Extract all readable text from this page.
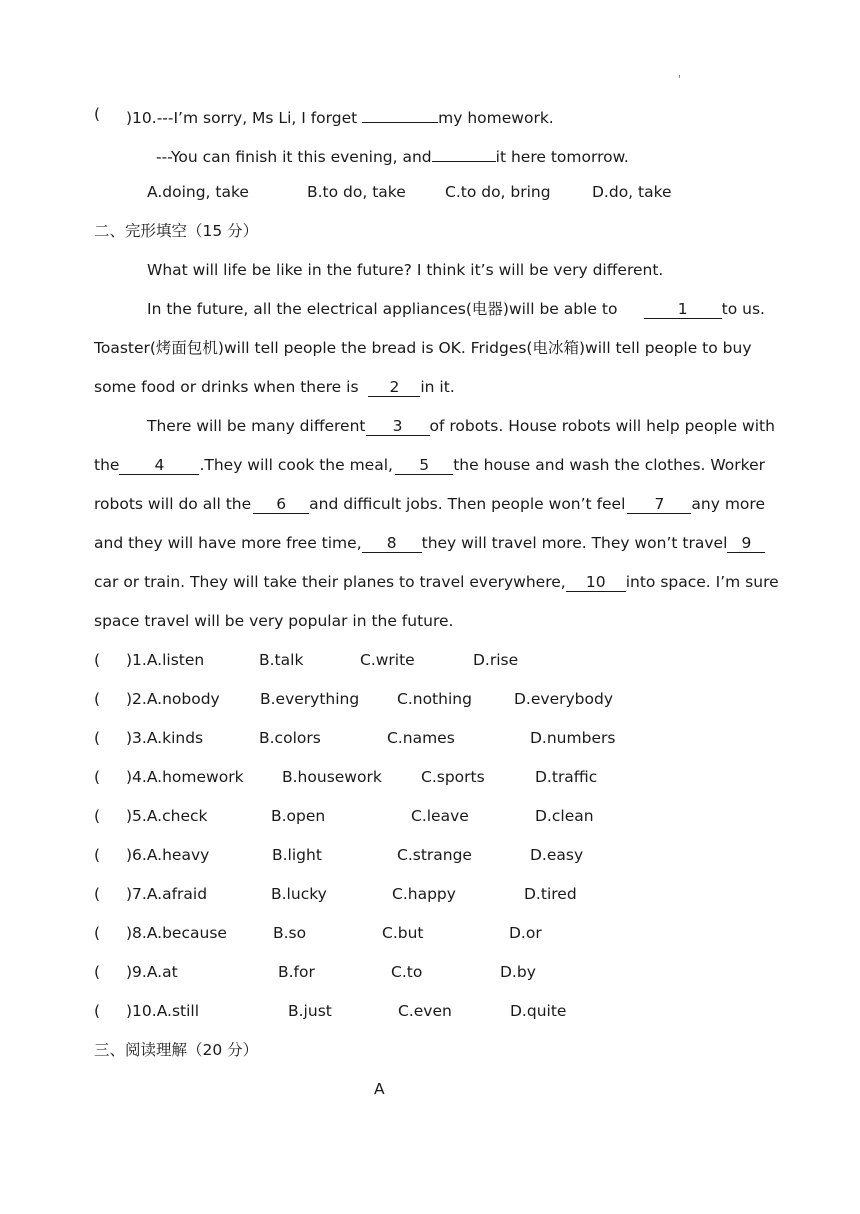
'
( )10.---I’m sorry, Ms Li, I forget	my homework.
---You can finish it this evening, and	it here tomorrow.
A.doing, take	B.to do, take	C.to do, bring	D.do, take
二、完形填空（15 分）
What will life be like in the future? I think it’s will be very different.
In the future, all the electrical appliances(电器)will be able to	1 to us.
Toaster(烤面包机)will tell people the bread is OK. Fridges(电冰箱)will tell people to buy
some food or drinks when there is 2 in it.
There will be many different 3	of robots. House robots will help people with
the 4 .They will cook the meal,	5 the house and wash the clothes. Worker
robots will do all the	6 and difficult jobs. Then people won’t feel	7 any more
and they will have more free time,	8 they will travel more. They won’t travel 9
car or train. They will take their planes to travel everywhere,	10 into space. I’m sure
space travel will be very popular in the future.
( )1.A.listen	B.talk	C.write	D.rise
( )2.A.nobody	B.everything C.nothing	D.everybody
( )3.A.kinds	B.colors	C.names	D.numbers
( )4.A.homework B.housework	C.sports	D.traffic
( )5.A.check	B.open	C.leave	D.clean
( )6.A.heavy	B.light	C.strange	D.easy
( )7.A.afraid	B.lucky	C.happy	D.tired
( )8.A.because	B.so	C.but	D.or
( )9.A.at	B.for	C.to	D.by
( )10.A.still	B.just	C.even	D.quite
三、阅读理解（20 分）
A
